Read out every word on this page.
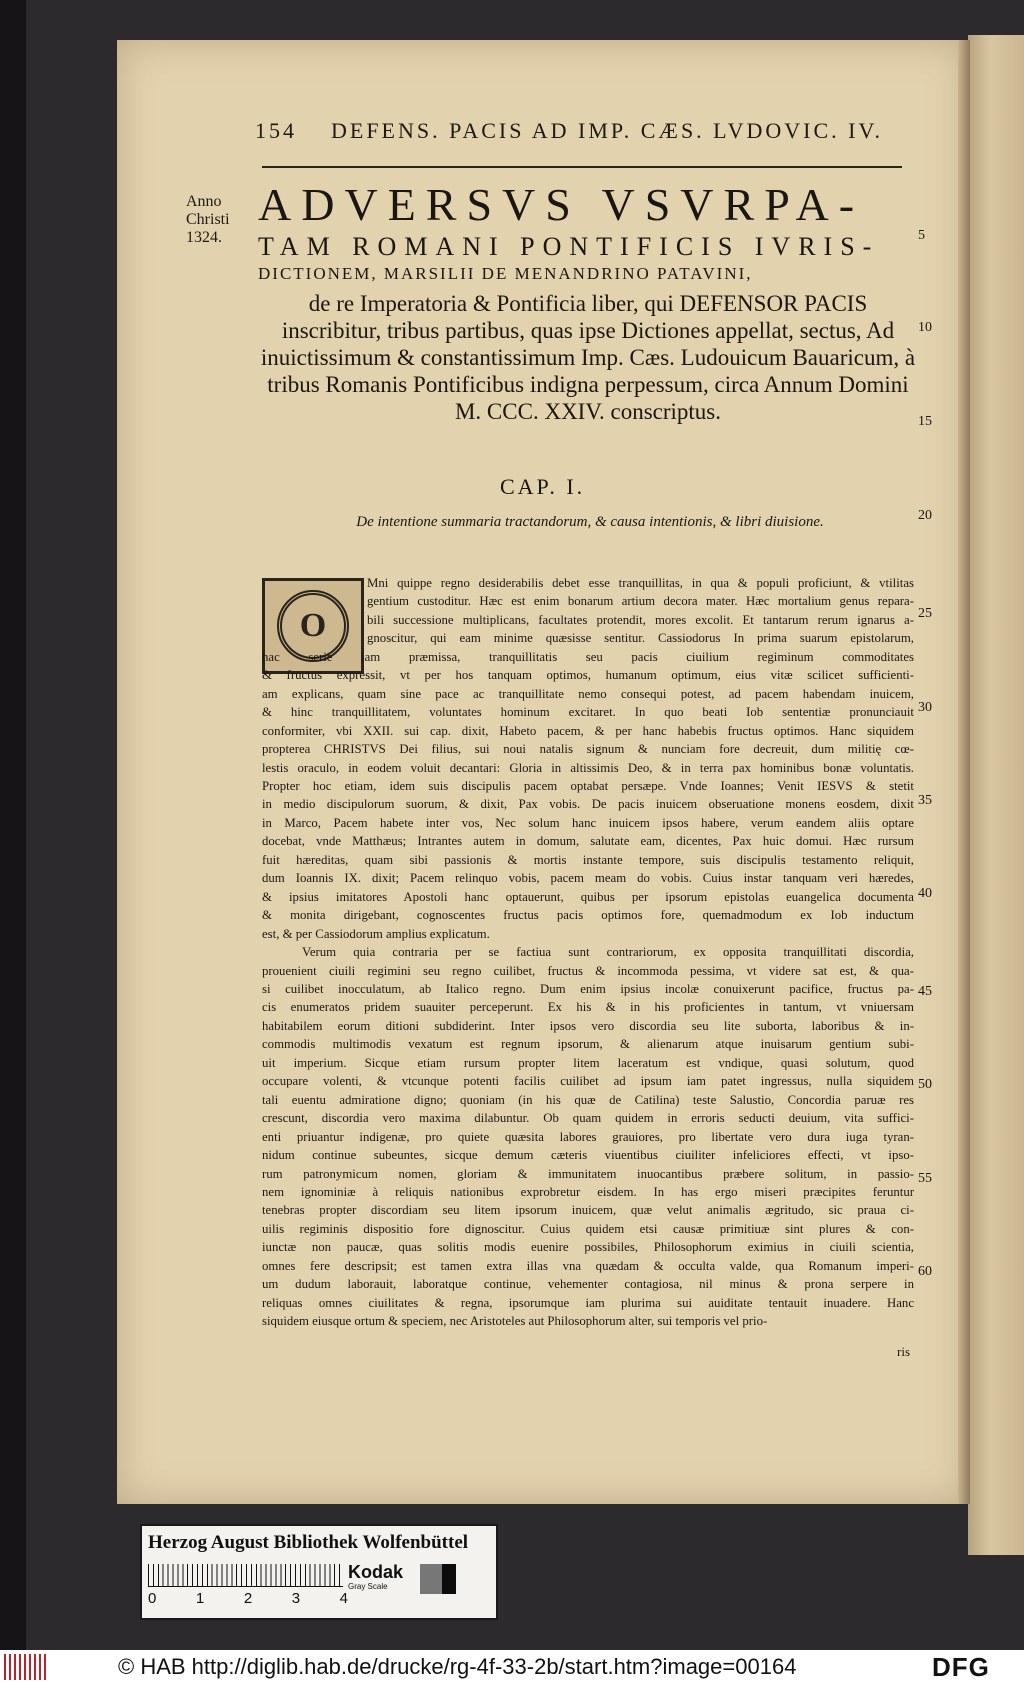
154 DEFENS. PACIS AD IMP. CÆS. LVDOVIC. IV.
Anno
Christi
1324.
ADVERSVS VSVRPA-
TAM ROMANI PONTIFICIS IVRIS-
DICTIONEM, MARSILII DE MENANDRINO PATAVINI,
de re Imperatoria & Pontificia liber, qui DEFENSOR PACIS inscribitur, tribus partibus, quas ipse Dictiones appellat, sectus, Ad inuictissimum & constantissimum Imp. Cæs. Ludouicum Bauaricum, à tribus Romanis Pontificibus indigna perpessum, circa Annum Domini M. CCC. XXIV. conscriptus.
CAP. I.
De intentione summaria tractandorum, & causa intentionis, & libri diuisione.
5
10
15
20
25
30
35
40
45
50
55
60
O
Mni quippe regno desiderabilis debet esse tranquillitas, in qua & populi proficiunt, & vtilitas
gentium custoditur. Hæc est enim bonarum artium decora mater. Hæc mortalium genus repara-
bili successione multiplicans, facultates protendit, mores excolit. Et tantarum rerum ignarus a-
gnoscitur, qui eam minime quæsisse sentitur. Cassiodorus In prima suarum epistolarum,
hac serie iam præmissa, tranquillitatis seu pacis ciuilium regiminum commoditates
& fructus expressit, vt per hos tanquam optimos, humanum optimum, eius vitæ scilicet sufficienti-
am explicans, quam sine pace ac tranquillitate nemo consequi potest, ad pacem habendam inuicem,
& hinc tranquillitatem, voluntates hominum excitaret. In quo beati Iob sententiæ pronunciauit
conformiter, vbi XXII. sui cap. dixit, Habeto pacem, & per hanc habebis fructus optimos. Hanc siquidem
propterea CHRISTVS Dei filius, sui noui natalis signum & nunciam fore decreuit, dum militię cœ-
lestis oraculo, in eodem voluit decantari: Gloria in altissimis Deo, & in terra pax hominibus bonæ voluntatis.
Propter hoc etiam, idem suis discipulis pacem optabat persæpe. Vnde Ioannes; Venit IESVS & stetit
in medio discipulorum suorum, & dixit, Pax vobis. De pacis inuicem obseruatione monens eosdem, dixit
in Marco, Pacem habete inter vos, Nec solum hanc inuicem ipsos habere, verum eandem aliis optare
docebat, vnde Matthæus; Intrantes autem in domum, salutate eam, dicentes, Pax huic domui. Hæc rursum
fuit hæreditas, quam sibi passionis & mortis instante tempore, suis discipulis testamento reliquit,
dum Ioannis IX. dixit; Pacem relinquo vobis, pacem meam do vobis. Cuius instar tanquam veri hæredes,
& ipsius imitatores Apostoli hanc optauerunt, quibus per ipsorum epistolas euangelica documenta
& monita dirigebant, cognoscentes fructus pacis optimos fore, quemadmodum ex Iob inductum
est, & per Cassiodorum amplius explicatum.
Verum quia contraria per se factiua sunt contrariorum, ex opposita tranquillitati discordia,
prouenient ciuili regimini seu regno cuilibet, fructus & incommoda pessima, vt videre sat est, & qua-
si cuilibet inocculatum, ab Italico regno. Dum enim ipsius incolæ conuixerunt pacifice, fructus pa-
cis enumeratos pridem suauiter perceperunt. Ex his & in his proficientes in tantum, vt vniuersam
habitabilem eorum ditioni subdiderint. Inter ipsos vero discordia seu lite suborta, laboribus & in-
commodis multimodis vexatum est regnum ipsorum, & alienarum atque inuisarum gentium subi-
uit imperium. Sicque etiam rursum propter litem laceratum est vndique, quasi solutum, quod
occupare volenti, & vtcunque potenti facilis cuilibet ad ipsum iam patet ingressus, nulla siquidem
tali euentu admiratione digno; quoniam (in his quæ de Catilina) teste Salustio, Concordia paruæ res
crescunt, discordia vero maxima dilabuntur. Ob quam quidem in erroris seducti deuium, vita suffici-
enti priuantur indigenæ, pro quiete quæsita labores grauiores, pro libertate vero dura iuga tyran-
nidum continue subeuntes, sicque demum cæteris viuentibus ciuiliter infeliciores effecti, vt ipso-
rum patronymicum nomen, gloriam & immunitatem inuocantibus præbere solitum, in passio-
nem ignominiæ à reliquis nationibus exprobretur eisdem. In has ergo miseri præcipites feruntur
tenebras propter discordiam seu litem ipsorum inuicem, quæ velut animalis ægritudo, sic praua ci-
uilis regiminis dispositio fore dignoscitur. Cuius quidem etsi causæ primitiuæ sint plures & con-
iunctæ non paucæ, quas solitis modis euenire possibiles, Philosophorum eximius in ciuili scientia,
omnes fere descripsit; est tamen extra illas vna quædam & occulta valde, qua Romanum imperi-
um dudum laborauit, laboratque continue, vehementer contagiosa, nil minus & prona serpere in
reliquas omnes ciuilitates & regna, ipsorumque iam plurima sui auiditate tentauit inuadere. Hanc
siquidem eiusque ortum & speciem, nec Aristoteles aut Philosophorum alter, sui temporis vel prio-
ris
Herzog August Bibliothek Wolfenbüttel
0	1	2	3	4
Kodak
Gray Scale
© HAB http://diglib.hab.de/drucke/rg-4f-33-2b/start.htm?image=00164	DFG
